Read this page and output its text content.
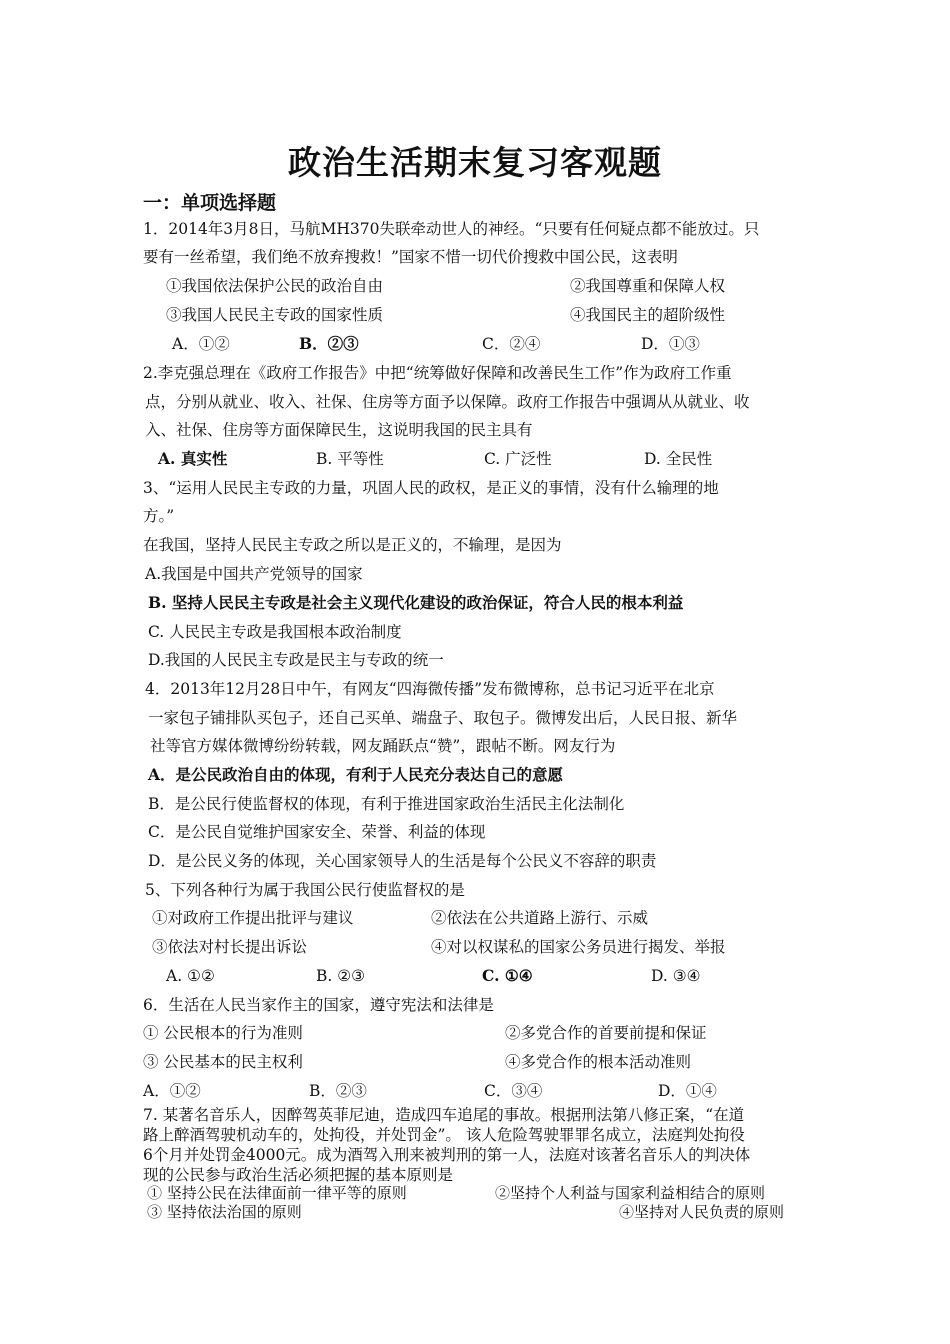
政治生活期末复习客观题
一：单项选择题
1．2014年3月8日，马航MH370失联牵动世人的神经。“只要有任何疑点都不能放过。只
要有一丝希望，我们绝不放弃搜救！”国家不惜一切代价搜救中国公民，这表明
①我国依法保护公民的政治自由	②我国尊重和保障人权
③我国人民民主专政的国家性质	④我国民主的超阶级性
A．①②	B．②③	C．②④	D．①③
2.李克强总理在《政府工作报告》中把“统筹做好保障和改善民生工作”作为政府工作重
点，分别从就业、收入、社保、住房等方面予以保障。政府工作报告中强调从从就业、收
入、社保、住房等方面保障民生，这说明我国的民主具有
A. 真实性	B. 平等性	C. 广泛性	D. 全民性
3、“运用人民民主专政的力量，巩固人民的政权，是正义的事情，没有什么输理的地
方。”
在我国，坚持人民民主专政之所以是正义的，不输理，是因为
A.我国是中国共产党领导的国家
B. 坚持人民民主专政是社会主义现代化建设的政治保证，符合人民的根本利益
C. 人民民主专政是我国根本政治制度
D.我国的人民民主专政是民主与专政的统一
4．2013年12月28日中午，有网友“四海微传播”发布微博称，总书记习近平在北京
一家包子铺排队买包子，还自己买单、端盘子、取包子。微博发出后，人民日报、新华
社等官方媒体微博纷纷转载，网友踊跃点“赞”，跟帖不断。网友行为
A．是公民政治自由的体现，有利于人民充分表达自己的意愿
B．是公民行使监督权的体现，有利于推进国家政治生活民主化法制化
C．是公民自觉维护国家安全、荣誉、利益的体现
D．是公民义务的体现，关心国家领导人的生活是每个公民义不容辞的职责
5、下列各种行为属于我国公民行使监督权的是
①对政府工作提出批评与建议	②依法在公共道路上游行、示威
③依法对村长提出诉讼	④对以权谋私的国家公务员进行揭发、举报
A. ①②	B. ②③	C. ①④	D. ③④
6．生活在人民当家作主的国家，遵守宪法和法律是
① 公民根本的行为准则	②多党合作的首要前提和保证
③ 公民基本的民主权利	④多党合作的根本活动准则
A．①②	B．②③	C．③④	D．①④
7. 某著名音乐人，因醉驾英菲尼迪，造成四车追尾的事故。根据刑法第八修正案，“在道
路上醉酒驾驶机动车的，处拘役，并处罚金”。 该人危险驾驶罪罪名成立，法庭判处拘役
6个月并处罚金4000元。成为酒驾入刑来被判刑的第一人，法庭对该著名音乐人的判决体
现的公民参与政治生活必须把握的基本原则是
① 坚持公民在法律面前一律平等的原则	②坚持个人利益与国家利益相结合的原则
③ 坚持依法治国的原则	④坚持对人民负责的原则
